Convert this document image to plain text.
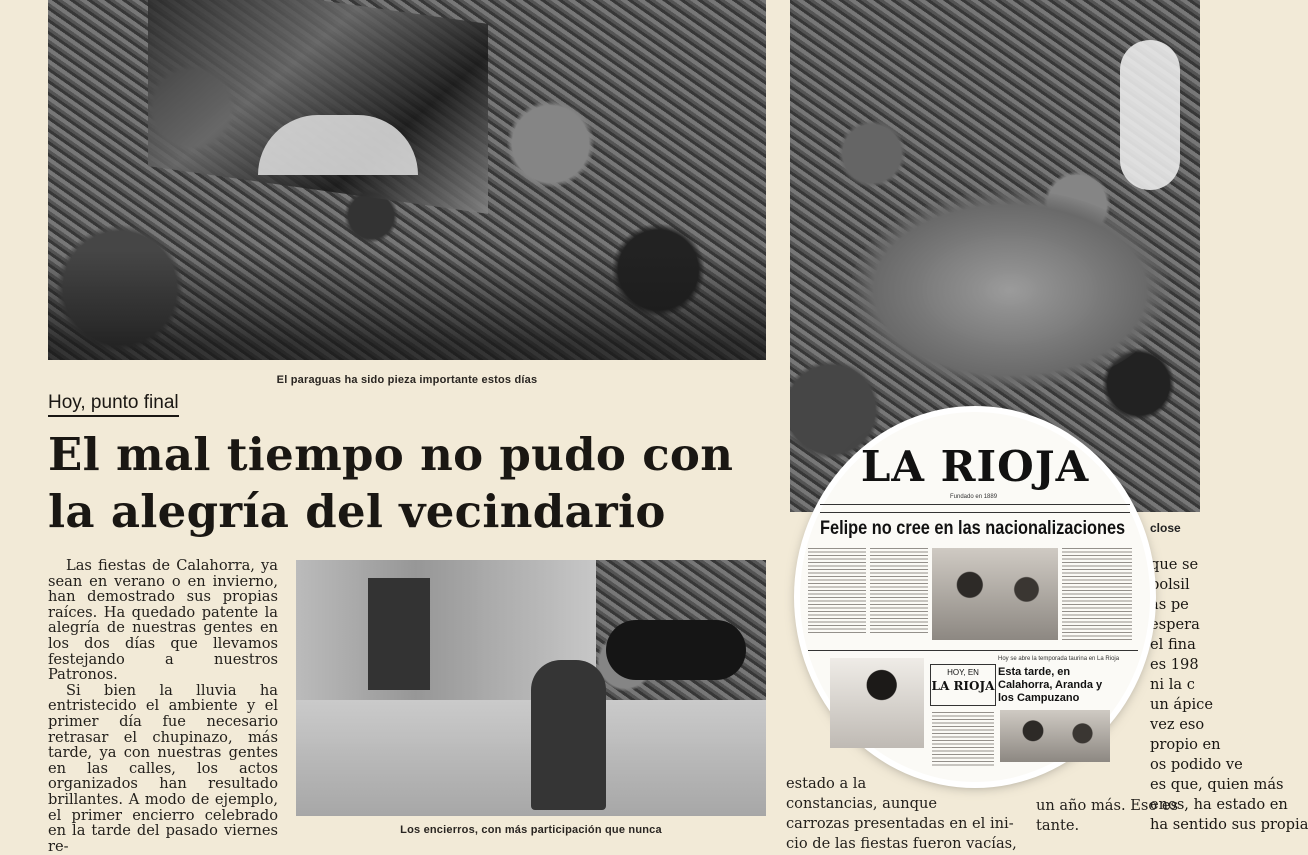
El paraguas ha sido pieza importante estos días
Hoy, punto final
El mal tiempo no pudo con
la alegría del vecindario

Las fiestas de Calahorra, ya sean en verano o en invierno, han demostrado sus propias raíces. Ha quedado patente la alegría de nuestras gentes en los dos días que llevamos festejando a nuestros Patronos.

Si bien la lluvia ha entristecido el ambiente y el primer día fue necesario retrasar el chupinazo, más tarde, ya con nuestras gentes en las calles, los actos organizados han resultado brillantes. A modo de ejemplo, el primer encierro celebrado en la tarde del pasado viernes re-

Los encierros, con más participación que nunca
estado a la
constancias, aunque
carrozas presentadas en el ini-
cio de las fiestas fueron vacías,
que se
bolsil
as pe
espera
el fina
es 198
ni la c
un ápice
vez eso
propio en
os podido ve
es que, quien más
enos, ha estado en
ha sentido sus propia
un año más. Eso es
tante.
LA RIOJA
Fundado en 1889
Felipe no cree en las nacionalizaciones
HOY, EN
LA RIOJA
Hoy se abre la temporada taurina en La Rioja
Esta tarde, en Calahorra, Aranda y los Campuzano
close
